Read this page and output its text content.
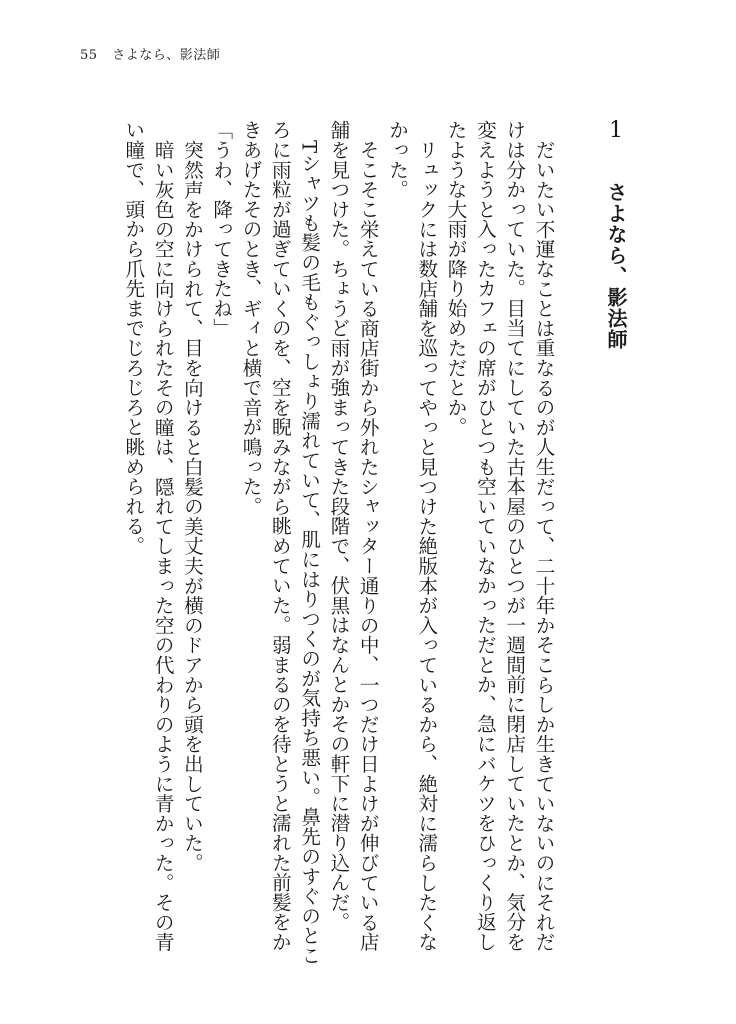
55 さよなら、影法師
1
さよなら、影法師

だいたい不運なことは重なるのが人生だって、二十年かそこらしか生きていないのにそれだけは分かっていた。目当てにしていた古本屋のひとつが一週間前に閉店していたとか、気分を変えようと入ったカフェの席がひとつも空いていなかっただとか、急にバケツをひっくり返したような大雨が降り始めただとか。

リュックには数店舗を巡ってやっと見つけた絶版本が入っているから、絶対に濡らしたくなかった。

そこそこ栄えている商店街から外れたシャッター通りの中、一つだけ日よけが伸びている店舗を見つけた。ちょうど雨が強まってきた段階で、伏黒はなんとかその軒下に潜り込んだ。

Tシャツも髪の毛もぐっしょり濡れていて、肌にはりつくのが気持ち悪い。鼻先のすぐのところに雨粒が過ぎていくのを、空を睨みながら眺めていた。弱まるのを待とうと濡れた前髪をかきあげたそのとき、ギィと横で音が鳴った。

「うわ、降ってきたね」

突然声をかけられて、目を向けると白髪の美丈夫が横のドアから頭を出していた。

暗い灰色の空に向けられたその瞳は、隠れてしまった空の代わりのように青かった。その青い瞳で、頭から爪先までじろじろと眺められる。
